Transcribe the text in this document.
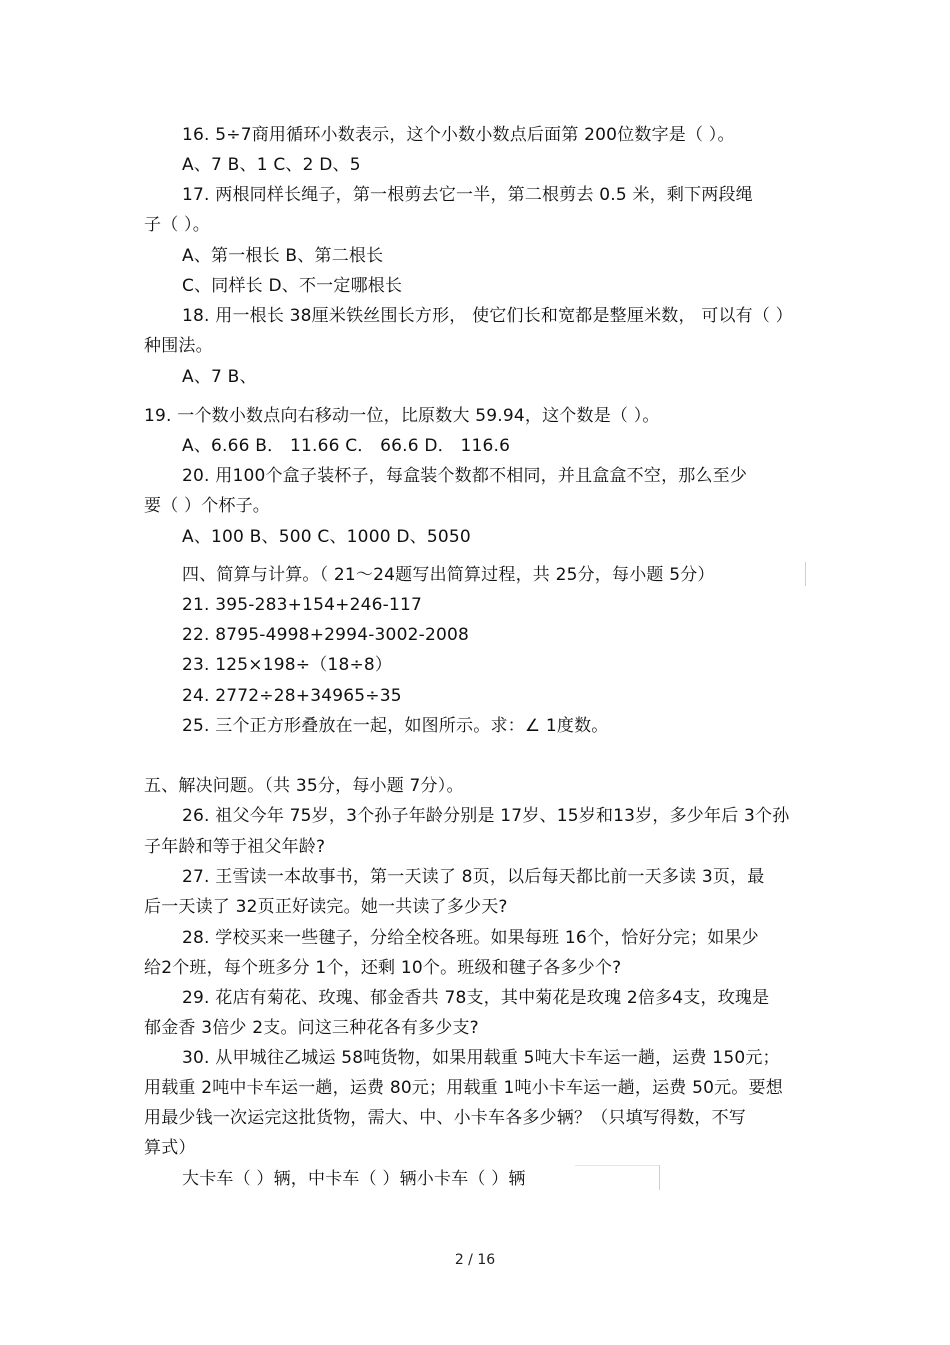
16. 5÷7商用循环小数表示，这个小数小数点后面第 200位数字是（ ）。
A、7 B、1 C、2 D、5
17. 两根同样长绳子，第一根剪去它一半，第二根剪去 0.5 米，剩下两段绳
子（ ）。
A、第一根长 B、第二根长
C、同样长 D、不一定哪根长
18. 用一根长 38厘米铁丝围长方形， 使它们长和宽都是整厘米数， 可以有（ ）
种围法。
A、7 B、
19. 一个数小数点向右移动一位，比原数大 59.94，这个数是（ ）。
A、6.66 B． 11.66 C． 66.6 D． 116.6
20. 用100个盒子装杯子，每盒装个数都不相同，并且盒盒不空，那么至少
要（ ）个杯子。
A、100 B、500 C、1000 D、5050
四、简算与计算。（ 21～24题写出简算过程，共 25分，每小题 5分）
21. 395-283+154+246-117
22. 8795-4998+2994-3002-2008
23. 125×198÷（18÷8）
24. 2772÷28+34965÷35
25. 三个正方形叠放在一起，如图所示。求：∠ 1度数。
五、解决问题。（共 35分，每小题 7分）。
26. 祖父今年 75岁，3个孙子年龄分别是 17岁、15岁和13岁，多少年后 3个孙
子年龄和等于祖父年龄?
27. 王雪读一本故事书，第一天读了 8页，以后每天都比前一天多读 3页，最
后一天读了 32页正好读完。她一共读了多少天?
28. 学校买来一些毽子，分给全校各班。如果每班 16个，恰好分完；如果少
给2个班，每个班多分 1个，还剩 10个。班级和毽子各多少个?
29. 花店有菊花、玫瑰、郁金香共 78支，其中菊花是玫瑰 2倍多4支，玫瑰是
郁金香 3倍少 2支。问这三种花各有多少支?
30. 从甲城往乙城运 58吨货物，如果用载重 5吨大卡车运一趟，运费 150元；
用载重 2吨中卡车运一趟，运费 80元；用载重 1吨小卡车运一趟，运费 50元。要想
用最少钱一次运完这批货物，需大、中、小卡车各多少辆？（只填写得数，不写
算式）
大卡车（ ）辆，中卡车（ ）辆小卡车（ ）辆
2 / 16
